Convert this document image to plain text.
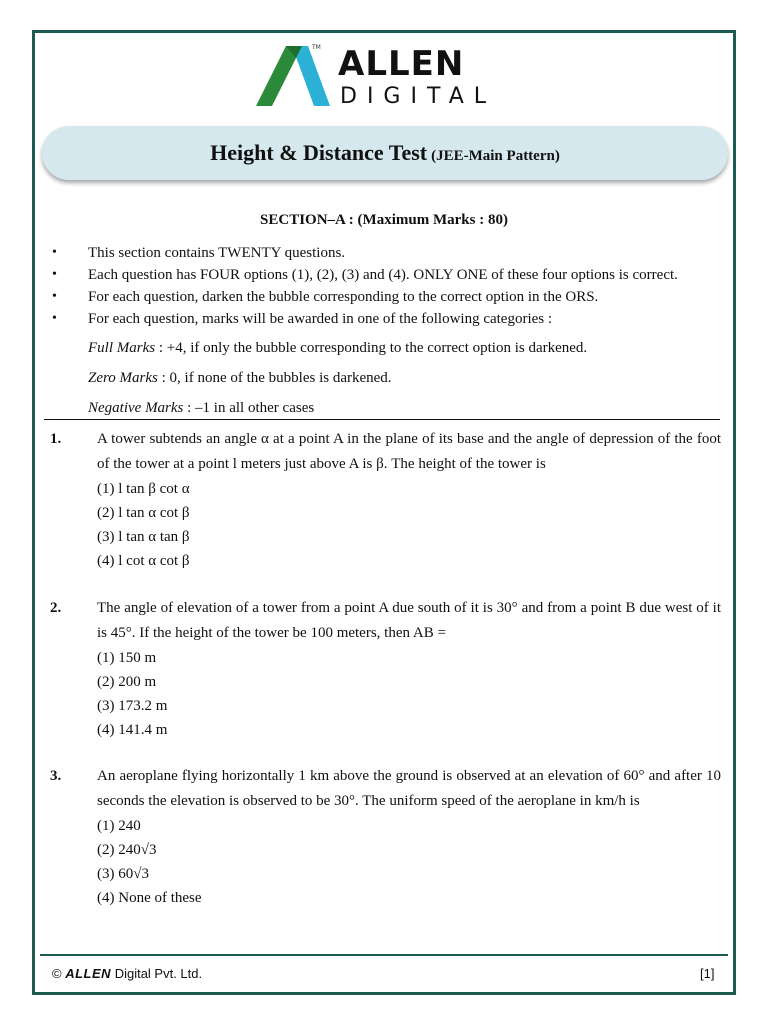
TM ALLEN
DIGITAL
Height & Distance Test (JEE-Main Pattern)
SECTION–A : (Maximum Marks : 80)
• This section contains TWENTY questions.
• Each question has FOUR options (1), (2), (3) and (4). ONLY ONE of these four options is correct.
• For each question, darken the bubble corresponding to the correct option in the ORS.
• For each question, marks will be awarded in one of the following categories :
Full Marks : +4, if only the bubble corresponding to the correct option is darkened.
Zero Marks : 0, if none of the bubbles is darkened.
Negative Marks : –1 in all other cases
1. A tower subtends an angle α at a point A in the plane of its base and the angle of depression of the foot of the tower at a point l meters just above A is β. The height of the tower is
(1) l tan β cot α
(2) l tan α cot β
(3) l tan α tan β
(4) l cot α cot β
2. The angle of elevation of a tower from a point A due south of it is 30° and from a point B due west of it is 45°. If the height of the tower be 100 meters, then AB =
(1) 150 m
(2) 200 m
(3) 173.2 m
(4) 141.4 m
3. An aeroplane flying horizontally 1 km above the ground is observed at an elevation of 60° and after 10 seconds the elevation is observed to be 30°. The uniform speed of the aeroplane in km/h is
(1) 240
(2) 240√3
(3) 60√3
(4) None of these
© ALLEN Digital Pvt. Ltd.	[1]
